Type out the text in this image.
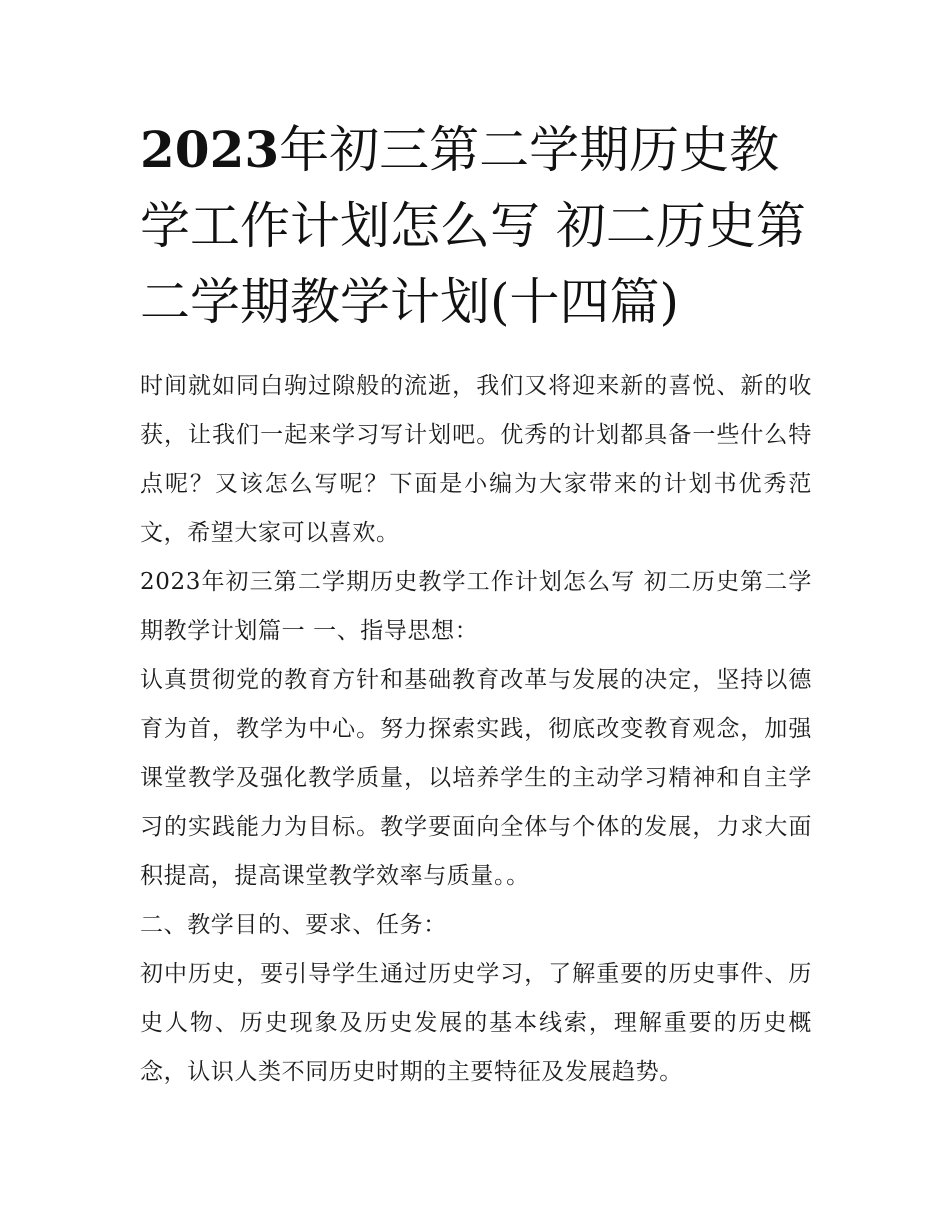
2023年初三第二学期历史教学工作计划怎么写 初二历史第二学期教学计划(十四篇)

时间就如同白驹过隙般的流逝，我们又将迎来新的喜悦、新的收获，让我们一起来学习写计划吧。优秀的计划都具备一些什么特点呢？又该怎么写呢？下面是小编为大家带来的计划书优秀范文，希望大家可以喜欢。

2023年初三第二学期历史教学工作计划怎么写 初二历史第二学期教学计划篇一 一、指导思想：

认真贯彻党的教育方针和基础教育改革与发展的决定，坚持以德育为首，教学为中心。努力探索实践，彻底改变教育观念，加强课堂教学及强化教学质量，以培养学生的主动学习精神和自主学习的实践能力为目标。教学要面向全体与个体的发展，力求大面积提高，提高课堂教学效率与质量。。

二、教学目的、要求、任务：

初中历史，要引导学生通过历史学习，了解重要的历史事件、历史人物、历史现象及历史发展的基本线索，理解重要的历史概念，认识人类不同历史时期的主要特征及发展趋势。
